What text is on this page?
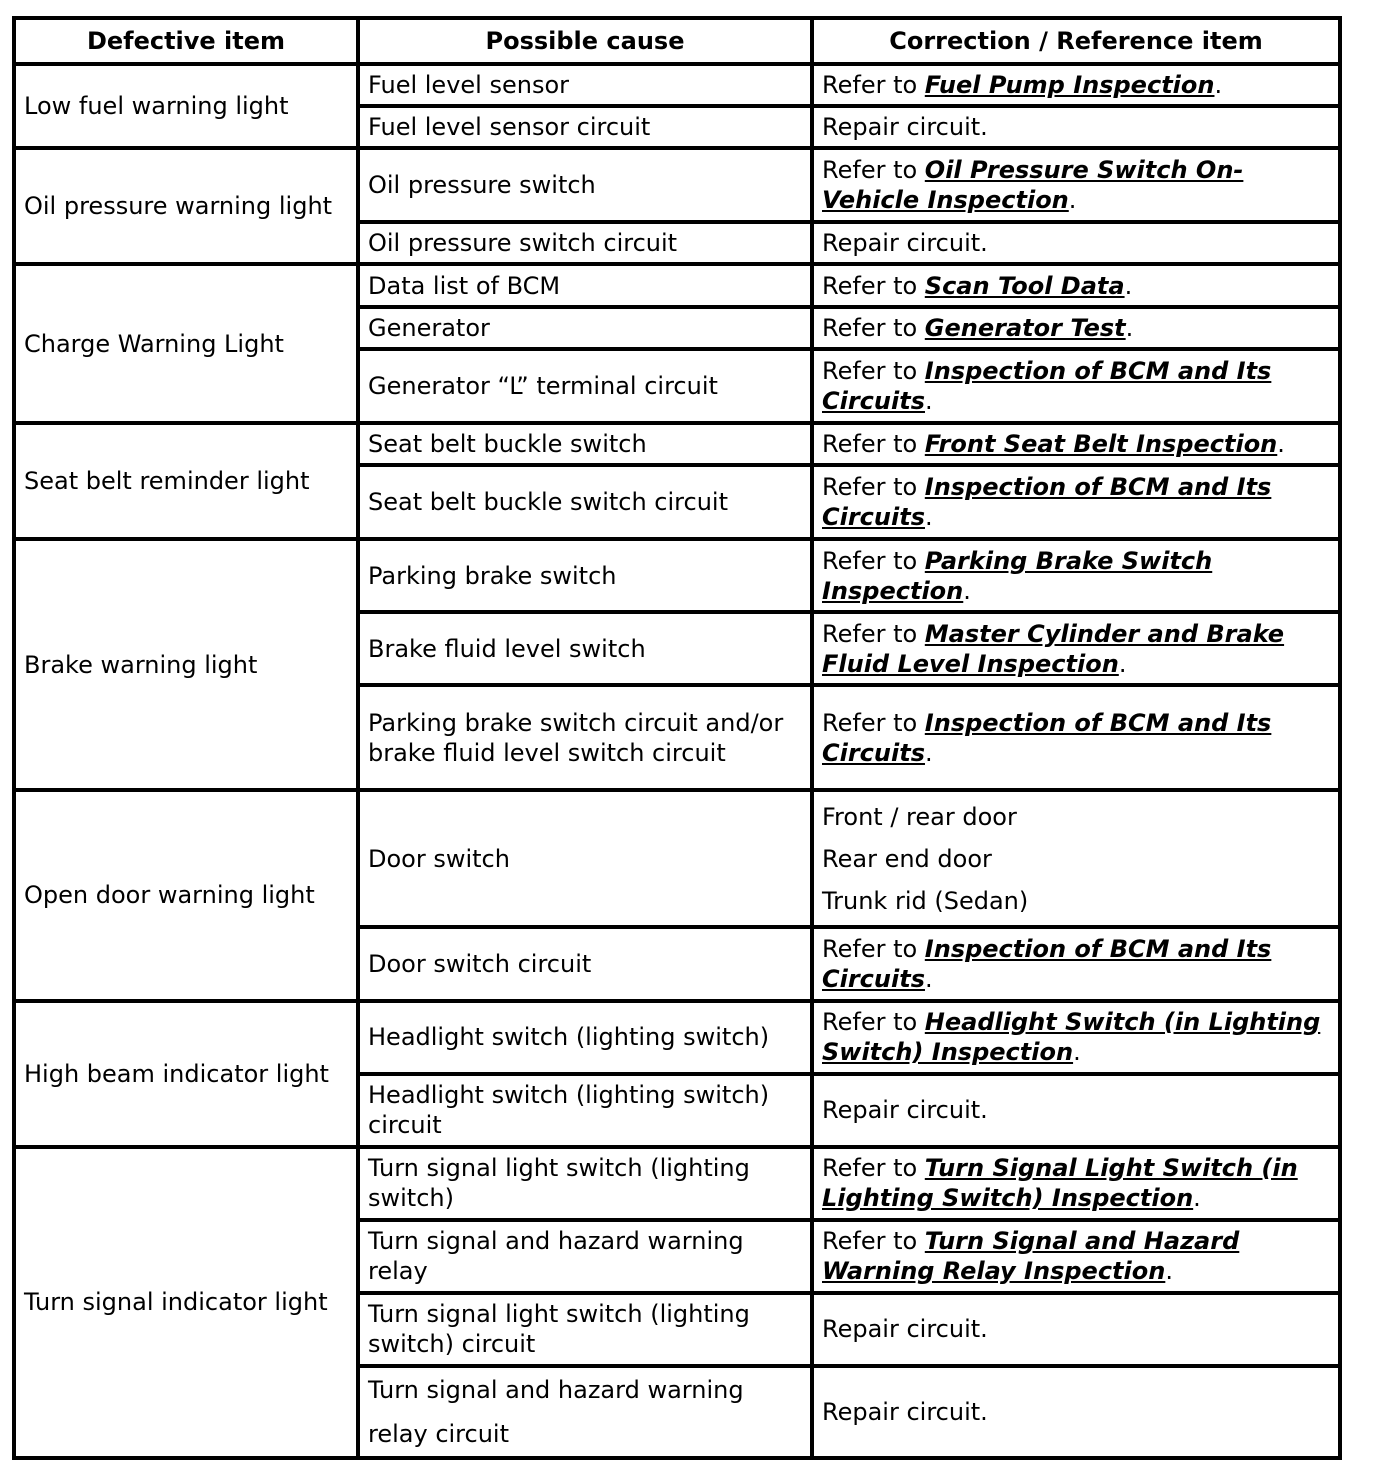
Defective item	Possible cause	Correction / Reference item
Low fuel warning light	Fuel level sensor	Refer to Fuel Pump Inspection.
	Fuel level sensor circuit	Repair circuit.
Oil pressure warning light	Oil pressure switch	Refer to Oil Pressure Switch On-Vehicle Inspection.
	Oil pressure switch circuit	Repair circuit.
Charge Warning Light	Data list of BCM	Refer to Scan Tool Data.
	Generator	Refer to Generator Test.
	Generator “L” terminal circuit	Refer to Inspection of BCM and Its Circuits.
Seat belt reminder light	Seat belt buckle switch	Refer to Front Seat Belt Inspection.
	Seat belt buckle switch circuit	Refer to Inspection of BCM and Its Circuits.
Brake warning light	Parking brake switch	Refer to Parking Brake Switch Inspection.
	Brake fluid level switch	Refer to Master Cylinder and Brake Fluid Level Inspection.
	Parking brake switch circuit and/or brake fluid level switch circuit	Refer to Inspection of BCM and Its Circuits.
Open door warning light	Door switch	Front / rear door
Rear end door
Trunk rid (Sedan)

	Door switch circuit	Refer to Inspection of BCM and Its Circuits.
High beam indicator light	Headlight switch (lighting switch)	Refer to Headlight Switch (in Lighting Switch) Inspection.
	Headlight switch (lighting switch) circuit	Repair circuit.
Turn signal indicator light	Turn signal light switch (lighting switch)	Refer to Turn Signal Light Switch (in Lighting Switch) Inspection.
	Turn signal and hazard warning relay	Refer to Turn Signal and Hazard Warning Relay Inspection.
	Turn signal light switch (lighting switch) circuit	Repair circuit.
	Turn signal and hazard warning relay circuit	Repair circuit.
